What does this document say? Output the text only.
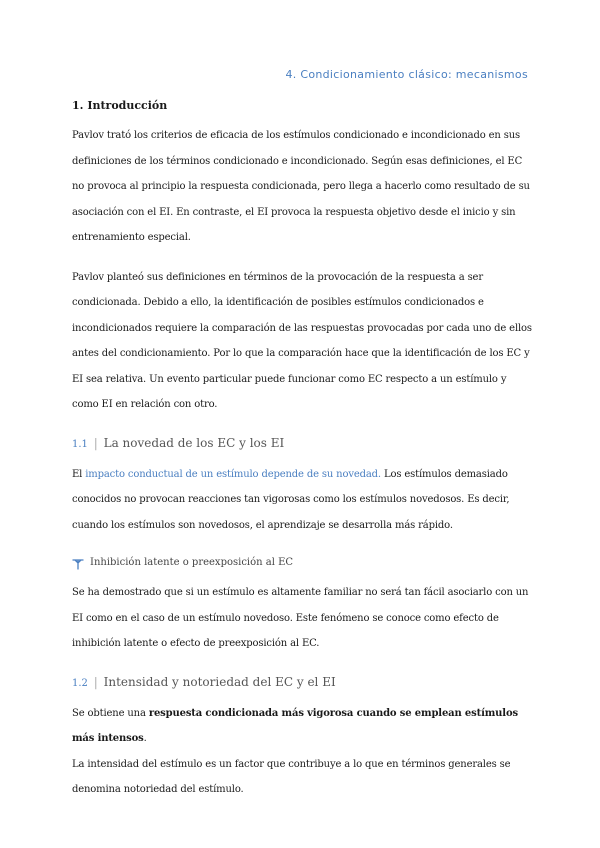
4. Condicionamiento clásico: mecanismos
1. Introducción

Pavlov trató los criterios de eficacia de los estímulos condicionado e incondicionado en sus definiciones de los términos condicionado e incondicionado. Según esas definiciones, el EC no provoca al principio la respuesta condicionada, pero llega a hacerlo como resultado de su asociación con el EI. En contraste, el EI provoca la respuesta objetivo desde el inicio y sin entrenamiento especial.

Pavlov planteó sus definiciones en términos de la provocación de la respuesta a ser condicionada. Debido a ello, la identificación de posibles estímulos condicionados e incondicionados requiere la comparación de las respuestas provocadas por cada uno de ellos antes del condicionamiento. Por lo que la comparación hace que la identificación de los EC y EI sea relativa. Un evento particular puede funcionar como EC respecto a un estímulo y como EI en relación con otro.

1.1 | La novedad de los EC y los EI

El impacto conductual de un estímulo depende de su novedad. Los estímulos demasiado conocidos no provocan reacciones tan vigorosas como los estímulos novedosos. Es decir, cuando los estímulos son novedosos, el aprendizaje se desarrolla más rápido.

Inhibición latente o preexposición al EC

Se ha demostrado que si un estímulo es altamente familiar no será tan fácil asociarlo con un EI como en el caso de un estímulo novedoso. Este fenómeno se conoce como efecto de inhibición latente o efecto de preexposición al EC.

1.2 | Intensidad y notoriedad del EC y el EI

Se obtiene una respuesta condicionada más vigorosa cuando se emplean estímulos más intensos.

La intensidad del estímulo es un factor que contribuye a lo que en términos generales se denomina notoriedad del estímulo.
